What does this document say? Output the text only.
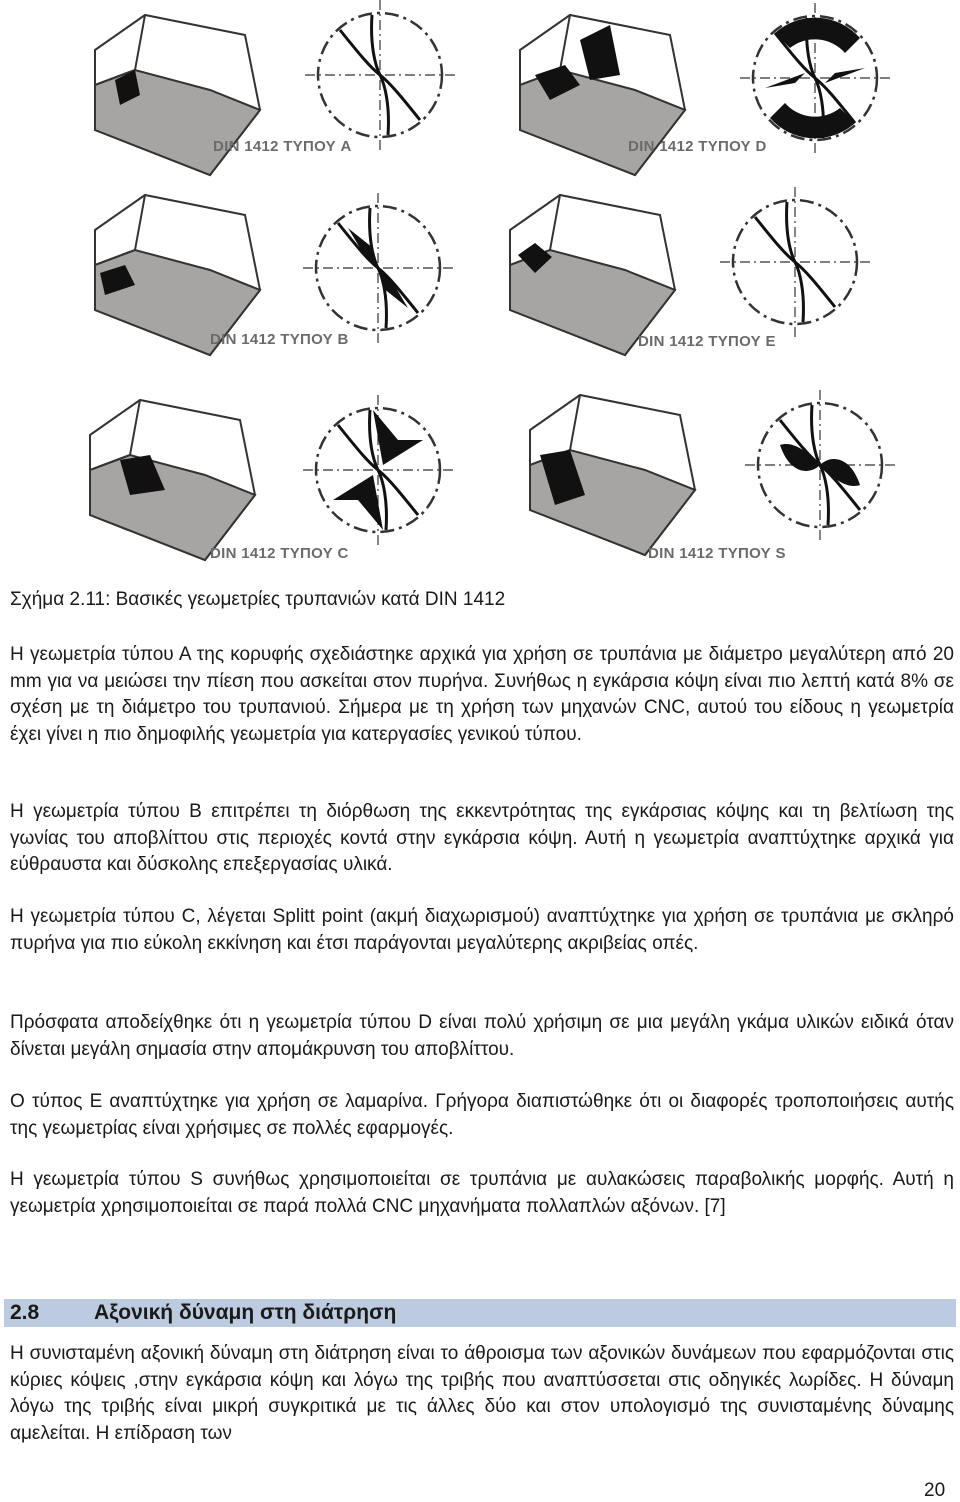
DIN 1412 ΤΥΠΟΥ A	DIN 1412 ΤΥΠΟΥ D
DIN 1412 ΤΥΠΟΥ B	DIN 1412 ΤΥΠΟΥ E
DIN 1412 ΤΥΠΟΥ C	DIN 1412 ΤΥΠΟΥ S
Σχήμα 2.11: Βασικές γεωμετρίες τρυπανιών κατά DIN 1412

Η γεωμετρία τύπου Α της κορυφής σχεδιάστηκε αρχικά για χρήση σε τρυπάνια με διάμετρο μεγαλύτερη από 20 mm για να μειώσει την πίεση που ασκείται στον πυρήνα. Συνήθως η εγκάρσια κόψη είναι πιο λεπτή κατά 8% σε σχέση με τη διάμετρο του τρυπανιού. Σήμερα με τη χρήση των μηχανών CNC, αυτού του είδους η γεωμετρία έχει γίνει η πιο δημοφιλής γεωμετρία για κατεργασίες γενικού τύπου.

Η γεωμετρία τύπου B επιτρέπει τη διόρθωση της εκκεντρότητας της εγκάρσιας κόψης και τη βελτίωση της γωνίας του αποβλίττου στις περιοχές κοντά στην εγκάρσια κόψη. Αυτή η γεωμετρία αναπτύχτηκε αρχικά για εύθραυστα και δύσκολης επεξεργασίας υλικά.

Η γεωμετρία τύπου C, λέγεται Splitt point (ακμή διαχωρισμού) αναπτύχτηκε για χρήση σε τρυπάνια με σκληρό πυρήνα για πιο εύκολη εκκίνηση και έτσι παράγονται μεγαλύτερης ακριβείας οπές.

Πρόσφατα αποδείχθηκε ότι η γεωμετρία τύπου D είναι πολύ χρήσιμη σε μια μεγάλη γκάμα υλικών ειδικά όταν δίνεται μεγάλη σημασία στην απομάκρυνση του αποβλίττου.

Ο τύπος Ε αναπτύχτηκε για χρήση σε λαμαρίνα. Γρήγορα διαπιστώθηκε ότι οι διαφορές τροποποιήσεις αυτής της γεωμετρίας είναι χρήσιμες σε πολλές εφαρμογές.

Η γεωμετρία τύπου S συνήθως χρησιμοποιείται σε τρυπάνια με αυλακώσεις παραβολικής μορφής. Αυτή η γεωμετρία χρησιμοποιείται σε παρά πολλά CNC μηχανήματα πολλαπλών αξόνων. [7]

2.8	Αξονική δύναμη στη διάτρηση

Η συνισταμένη αξονική δύναμη στη διάτρηση είναι το άθροισμα των αξονικών δυνάμεων που εφαρμόζονται στις κύριες κόψεις ,στην εγκάρσια κόψη και λόγω της τριβής που αναπτύσσεται στις οδηγικές λωρίδες. Η δύναμη λόγω της τριβής είναι μικρή συγκριτικά με τις άλλες δύο και στον υπολογισμό της συνισταμένης δύναμης αμελείται. Η επίδραση των

20
